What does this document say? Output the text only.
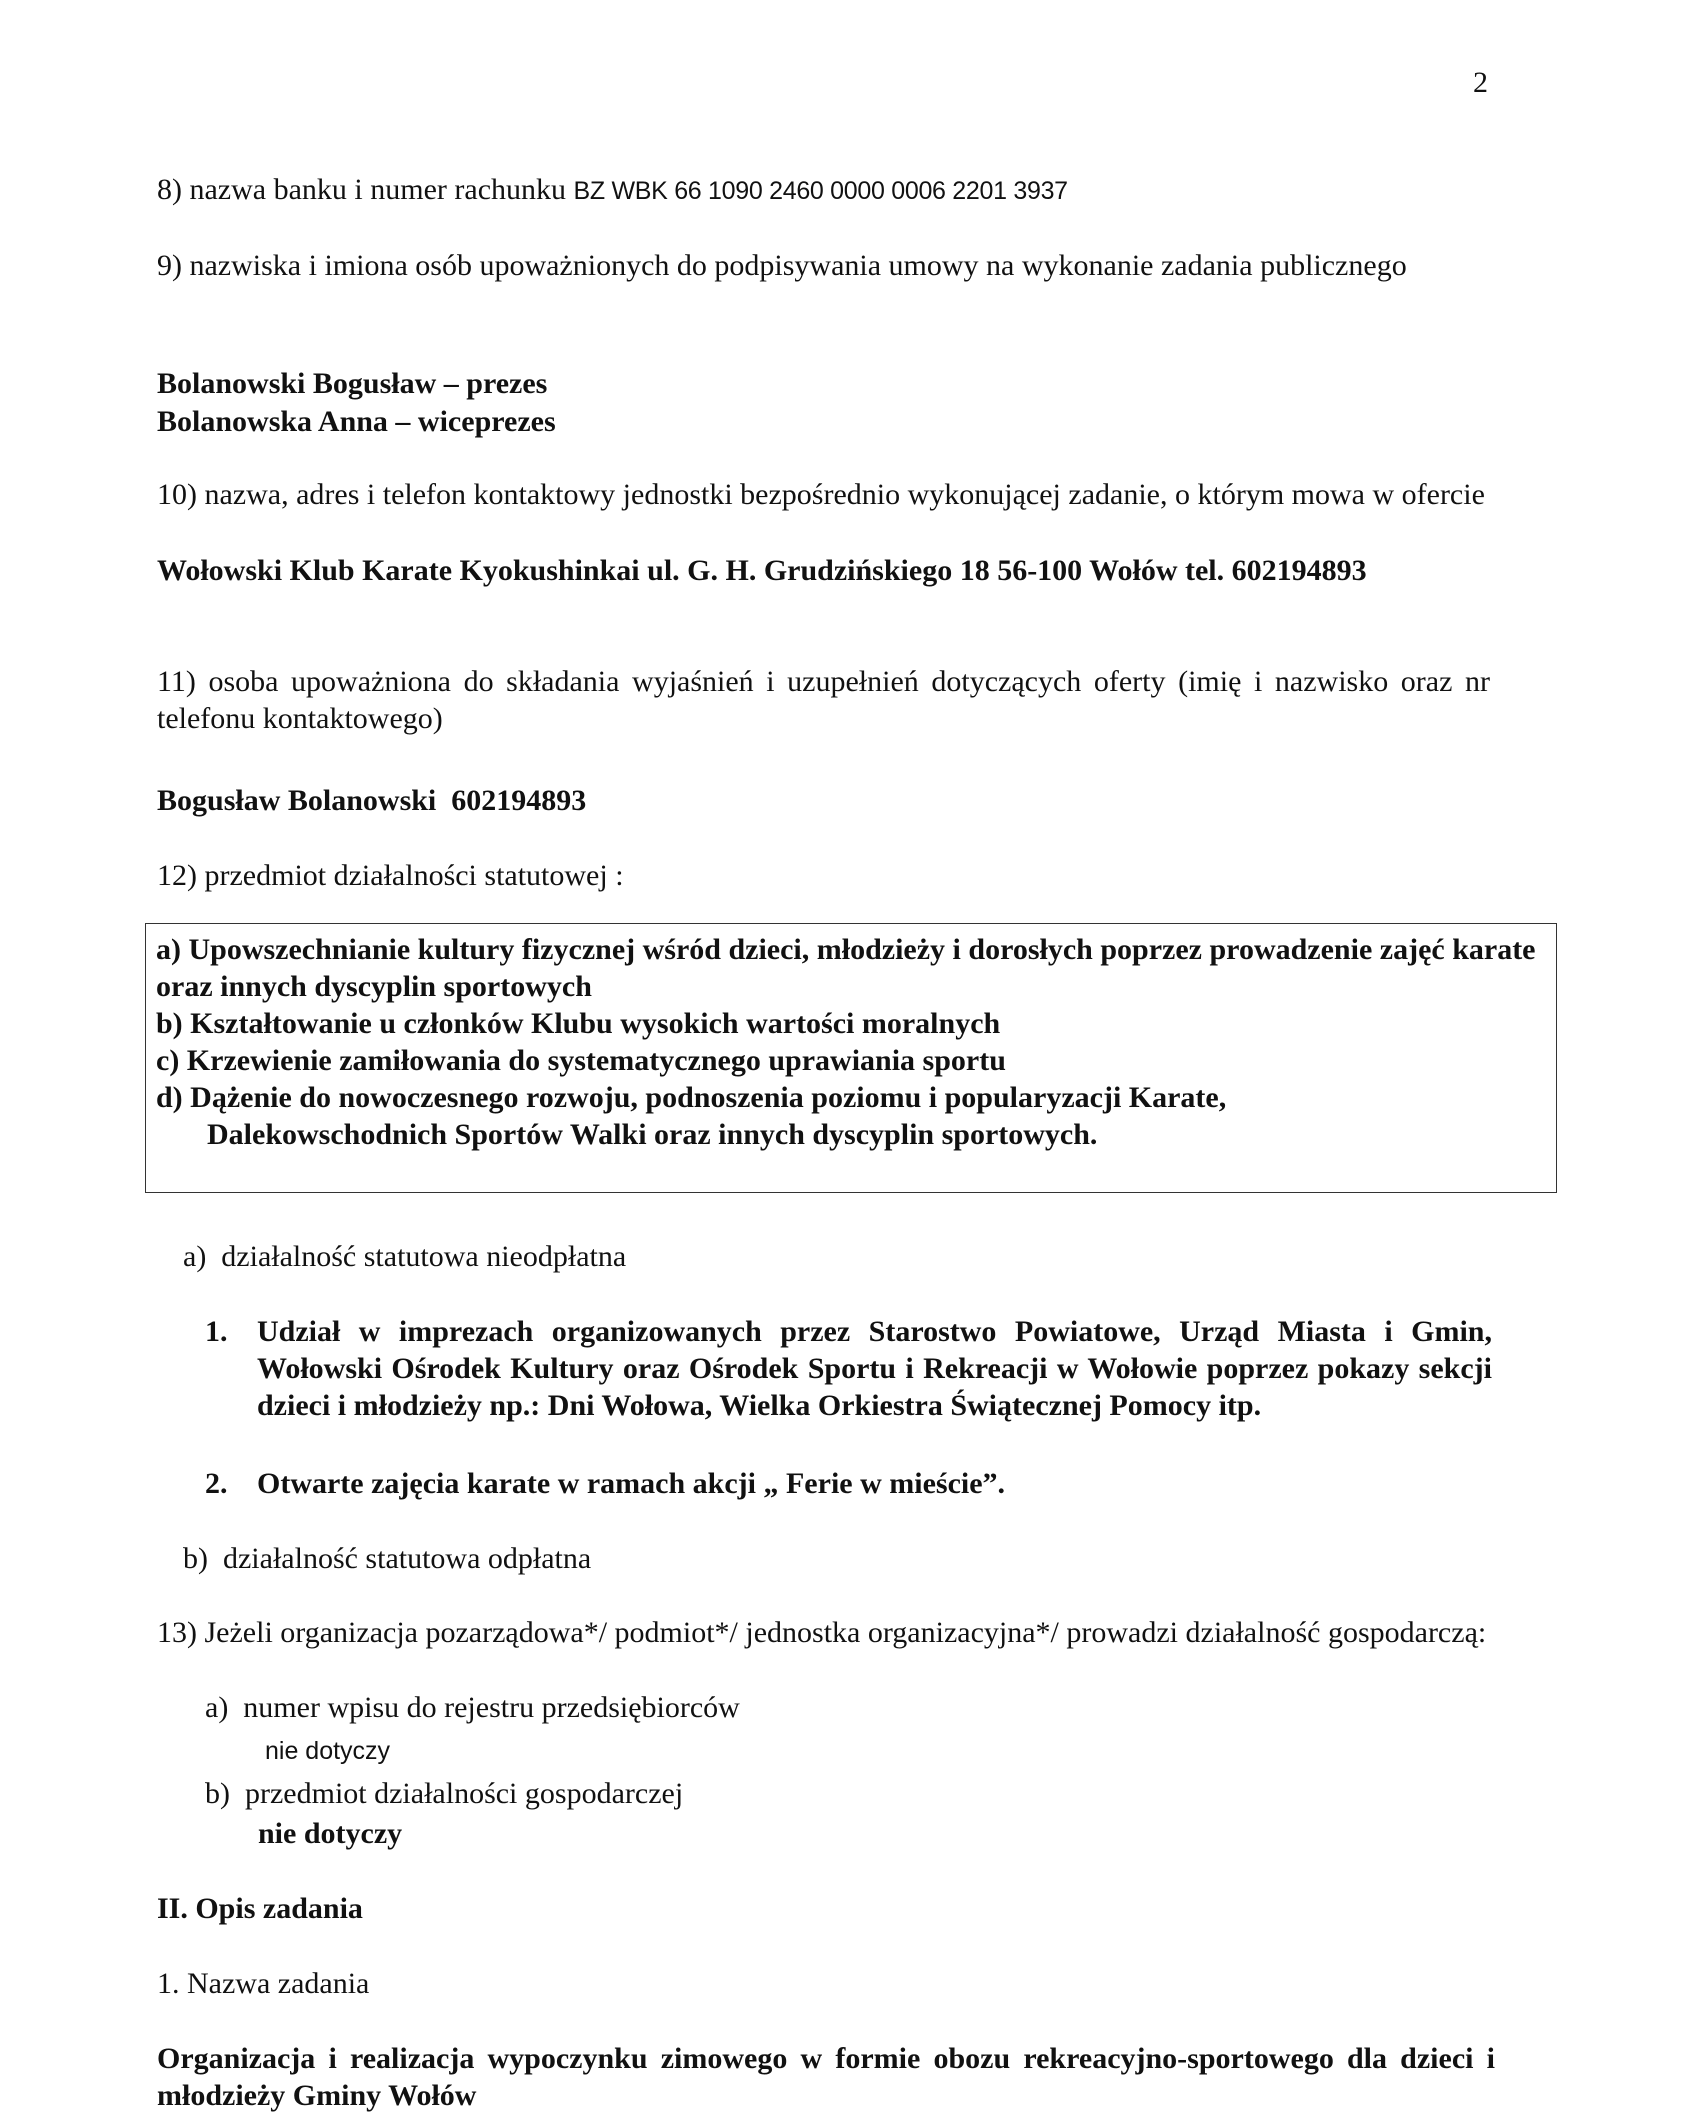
2
8) nazwa banku i numer rachunku BZ WBK 66 1090 2460 0000 0006 2201 3937
9) nazwiska i imiona osób upoważnionych do podpisywania umowy na wykonanie zadania publicznego
Bolanowski Bogusław – prezes
Bolanowska Anna – wiceprezes
10) nazwa, adres i telefon kontaktowy jednostki bezpośrednio wykonującej zadanie, o którym mowa w ofercie
Wołowski Klub Karate Kyokushinkai ul. G. H. Grudzińskiego 18 56-100 Wołów tel. 602194893
11) osoba upoważniona do składania wyjaśnień i uzupełnień dotyczących oferty (imię i nazwisko oraz nr telefonu kontaktowego)
Bogusław Bolanowski  602194893
12) przedmiot działalności statutowej :
a) Upowszechnianie kultury fizycznej wśród dzieci, młodzieży i dorosłych poprzez prowadzenie zajęć karate oraz innych dyscyplin sportowych
b) Kształtowanie u członków Klubu wysokich wartości moralnych
c) Krzewienie zamiłowania do systematycznego uprawiania sportu
d) Dążenie do nowoczesnego rozwoju, podnoszenia poziomu i popularyzacji Karate,
Dalekowschodnich Sportów Walki oraz innych dyscyplin sportowych.
a)  działalność statutowa nieodpłatna
1. Udział w imprezach organizowanych przez Starostwo Powiatowe, Urząd Miasta i Gmin, Wołowski Ośrodek Kultury oraz Ośrodek Sportu i Rekreacji w Wołowie poprzez pokazy sekcji dzieci i młodzieży np.: Dni Wołowa, Wielka Orkiestra Świątecznej Pomocy itp.
2. Otwarte zajęcia karate w ramach akcji „ Ferie w mieście”.
b)  działalność statutowa odpłatna
13) Jeżeli organizacja pozarządowa*/ podmiot*/ jednostka organizacyjna*/ prowadzi działalność gospodarczą:
a)  numer wpisu do rejestru przedsiębiorców
nie dotyczy
b)  przedmiot działalności gospodarczej
nie dotyczy
II. Opis zadania
1. Nazwa zadania
Organizacja i realizacja wypoczynku zimowego w formie obozu rekreacyjno-sportowego dla dzieci i młodzieży Gminy Wołów
